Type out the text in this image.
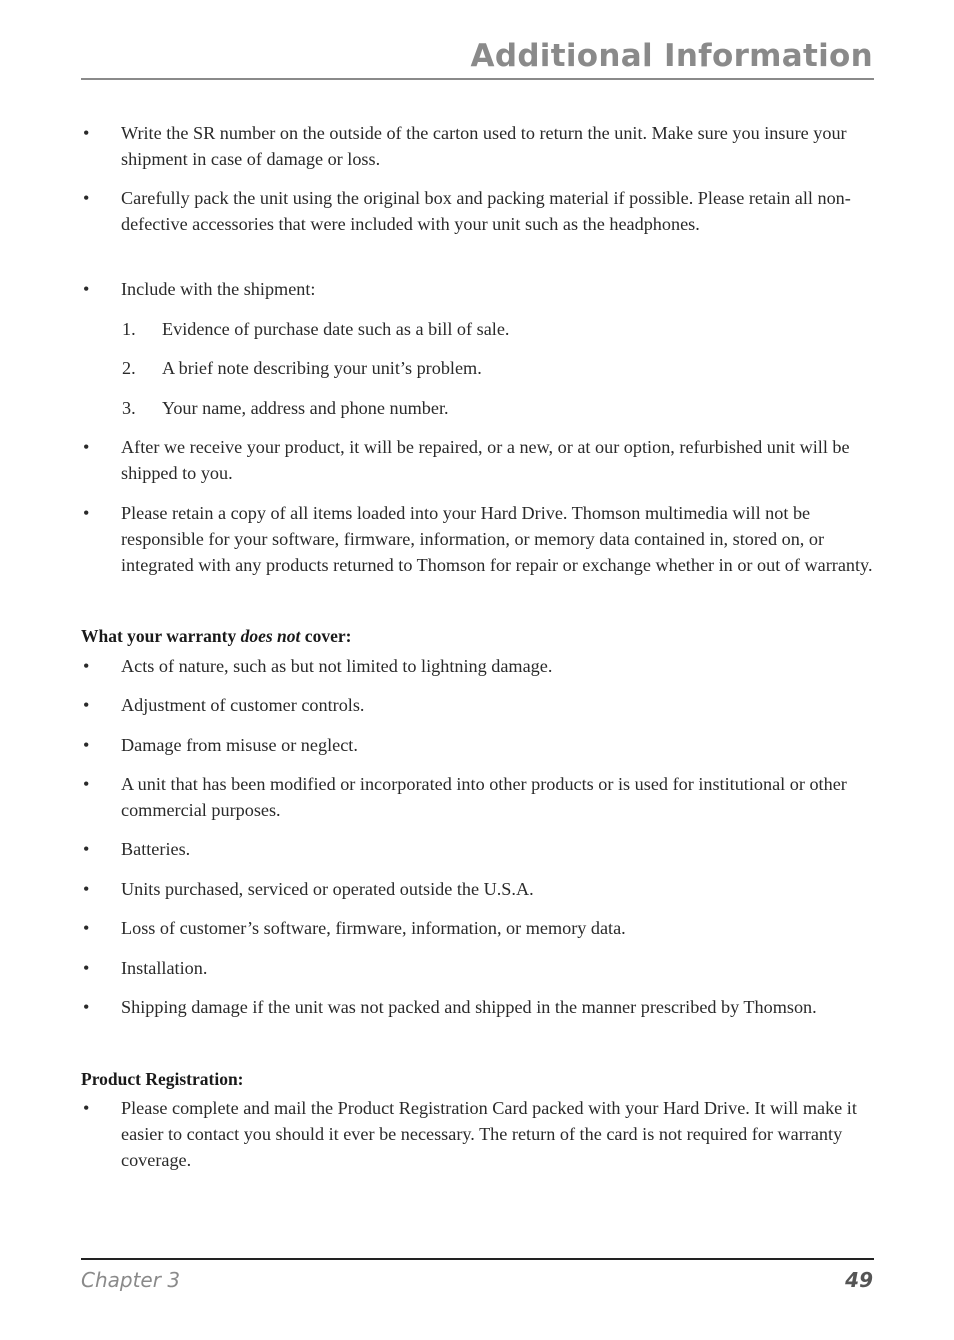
Additional Information
•	Write the SR number on the outside of the carton used to return the unit. Make sure you insure your shipment in case of damage or loss.
•	Carefully pack the unit using the original box and packing material if possible. Please retain all non-defective accessories that were included with your unit such as the headphones.
•	Include with the shipment:
1.	Evidence of purchase date such as a bill of sale.
2.	A brief note describing your unit’s problem.
3.	Your name, address and phone number.
•	After we receive your product, it will be repaired, or a new, or at our option, refurbished unit will be shipped to you.
•	Please retain a copy of all items loaded into your Hard Drive. Thomson multimedia will not be responsible for your software, firmware, information, or memory data contained in, stored on, or integrated with any products returned to Thomson for repair or exchange whether in or out of warranty.
What your warranty does not cover:
•	Acts of nature, such as but not limited to lightning damage.
•	Adjustment of customer controls.
•	Damage from misuse or neglect.
•	A unit that has been modified or incorporated into other products or is used for institutional or other commercial purposes.
•	Batteries.
•	Units purchased, serviced or operated outside the U.S.A.
•	Loss of customer’s software, firmware, information, or memory data.
•	Installation.
•	Shipping damage if the unit was not packed and shipped in the manner prescribed by Thomson.
Product Registration:
•	Please complete and mail the Product Registration Card packed with your Hard Drive. It will make it easier to contact you should it ever be necessary. The return of the card is not required for warranty coverage.
Chapter 3	49
